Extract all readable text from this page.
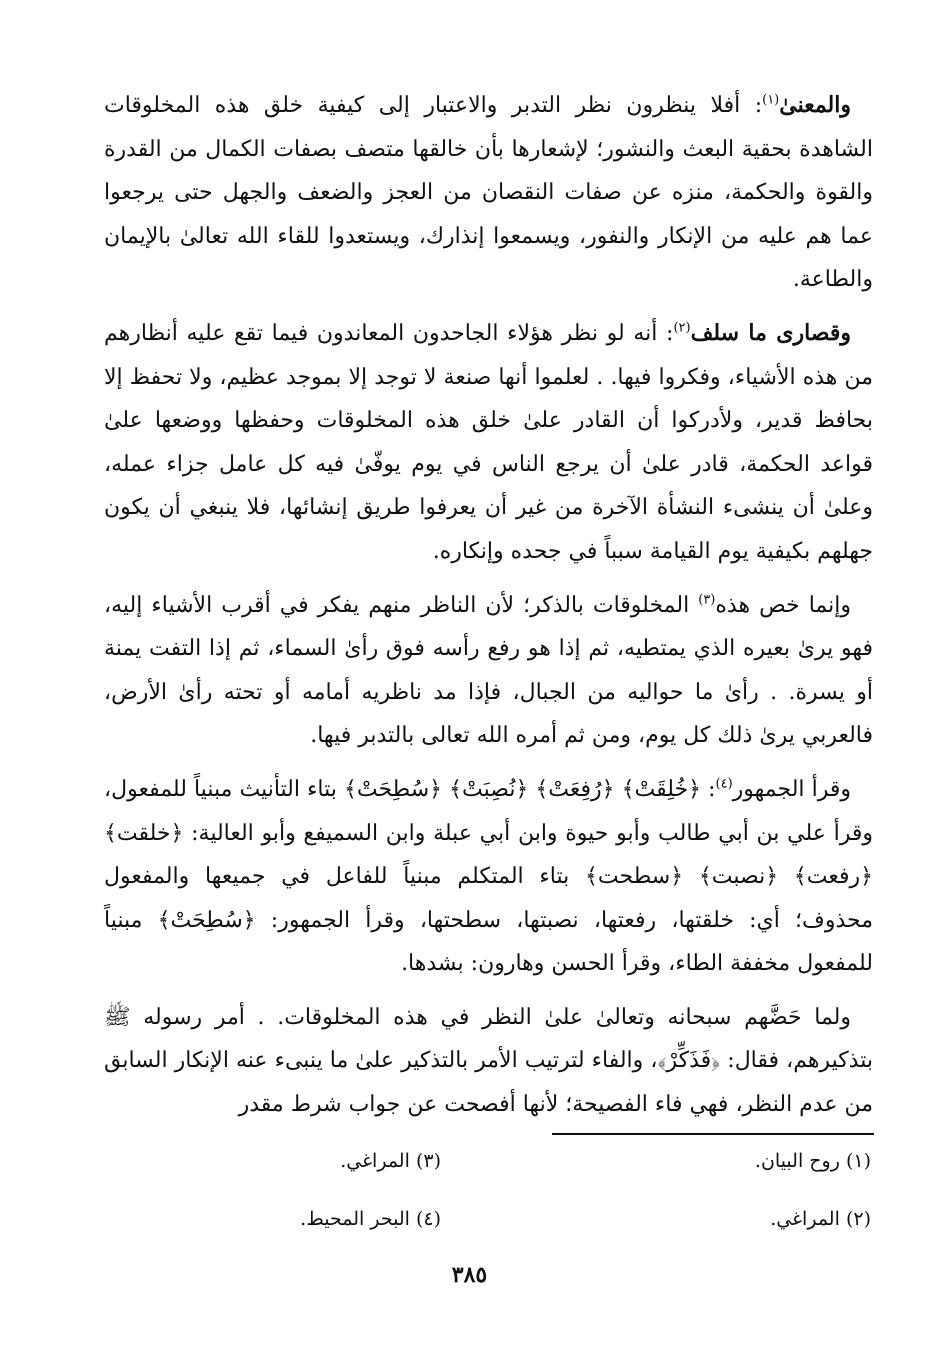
والمعنىٰ$^{(١)}$: أفلا ينظرون نظر التدبر والاعتبار إلى كيفية خلق هذه المخلوقات الشاهدة بحقية البعث والنشور؛ لإشعارها بأن خالقها متصف بصفات الكمال من القدرة والقوة والحكمة، منزه عن صفات النقصان من العجز والضعف والجهل حتى يرجعوا عما هم عليه من الإنكار والنفور، ويسمعوا إنذارك، ويستعدوا للقاء الله تعالىٰ بالإيمان والطاعة.

وقصارى ما سلف$^{(٢)}$: أنه لو نظر هؤلاء الجاحدون المعاندون فيما تقع عليه أنظارهم من هذه الأشياء، وفكروا فيها. . لعلموا أنها صنعة لا توجد إلا بموجد عظيم، ولا تحفظ إلا بحافظ قدير، ولأدركوا أن القادر علىٰ خلق هذه المخلوقات وحفظها ووضعها علىٰ قواعد الحكمة، قادر علىٰ أن يرجع الناس في يوم يوفّىٰ فيه كل عامل جزاء عمله، وعلىٰ أن ينشىء النشأة الآخرة من غير أن يعرفوا طريق إنشائها، فلا ينبغي أن يكون جهلهم بكيفية يوم القيامة سبباً في جحده وإنكاره.

وإنما خص هذه$^{(٣)}$ المخلوقات بالذكر؛ لأن الناظر منهم يفكر في أقرب الأشياء إليه، فهو يرىٰ بعيره الذي يمتطيه، ثم إذا هو رفع رأسه فوق رأىٰ السماء، ثم إذا التفت يمنة أو يسرة. . رأىٰ ما حواليه من الجبال، فإذا مد ناظريه أمامه أو تحته رأىٰ الأرض، فالعربي يرىٰ ذلك كل يوم، ومن ثم أمره الله تعالى بالتدبر فيها.

وقرأ الجمهور$^{(٤)}$: ﴿خُلِقَتْ﴾ ﴿رُفِعَتْ﴾ ﴿نُصِبَتْ﴾ ﴿سُطِحَتْ﴾ بتاء التأنيث مبنياً للمفعول، وقرأ علي بن أبي طالب وأبو حيوة وابن أبي عبلة وابن السميفع وأبو العالية: ﴿خلقت﴾ ﴿رفعت﴾ ﴿نصبت﴾ ﴿سطحت﴾ بتاء المتكلم مبنياً للفاعل في جميعها والمفعول محذوف؛ أي: خلقتها، رفعتها، نصبتها، سطحتها، وقرأ الجمهور: ﴿سُطِحَتْ﴾ مبنياً للمفعول مخففة الطاء، وقرأ الحسن وهارون: بشدها.

ولما حَضَّهم سبحانه وتعالىٰ علىٰ النظر في هذه المخلوقات. . أمر رسوله ﷺ بتذكيرهم، فقال: ﴿فَذَكِّرْ﴾، والفاء لترتيب الأمر بالتذكير علىٰ ما ينبىء عنه الإنكار السابق من عدم النظر، فهي فاء الفصيحة؛ لأنها أفصحت عن جواب شرط مقدر

(١) روح البيان.
(٢) المراغي.
(٣) المراغي.
(٤) البحر المحيط.
٣٨٥
